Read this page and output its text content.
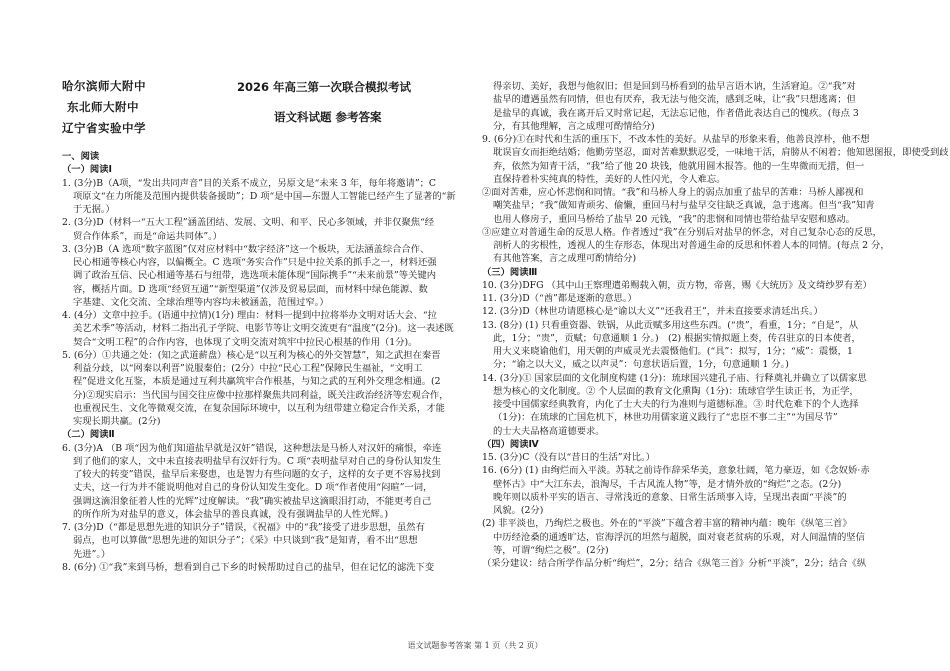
哈尔滨师大附中
东北师大附中
辽宁省实验中学
2026 年高三第一次联合模拟考试
语文科试题 参考答案
一、阅读
（一）阅读Ⅰ
1. (3分)B（A项，“发出共同声音”目的关系不成立，另原文是“未来 3 年，每年将邀请”；C
项原文“在力所能及范围内提供装备援助”；D 项“是中国—东盟人工智能已经产生了显著的“新
于无据。）
2. (3分)D（材料一“五大工程”涵盖团结、发展、文明、和平、民心多领域，并非仅聚焦“经
贸合作体系”，而是“命运共同体”。）
3. (3分)B（A 选项“数字蓝图”仅对应材料中“数字经济”这一个板块，无法涵盖综合合作、
民心相通等核心内容，以偏概全。C 选项“务实合作”只是中拉关系的抓手之一，材料还强
调了政治互信、民心相通等基石与纽带，选选项未能体现“国际携手”“未来前景”等关键内
容，概括片面。D 选项“经贸互通”“新型渠道”仅涉及贸易层面，而材料中绿色能源、数
字基建、文化交流、全球治理等内容均未被涵盖，范围过窄。）
4. (4分）文章中拉手。(语通中拉情)(1分) 理由：材料一提到中拉将举办文明对话大会、“拉
美艺术季”等活动，材料二指出孔子学院、电影节等让文明交流更有“温度”(2分)。这一表述既
契合“文明工程”的合作内容，也体现了文明交流对筑牢中拉民心根基的作用（1分)。
5. (6分）①共通之处：(知之武道薪盘）核心是“以互利为核心的外交智慧”，知之武担在秦晋
利益分歧，以“网秦以利晋”说服秦伯；(2分）中拉“民心工程”保障民生福祉，“文明工
程”促进文化互鉴，本质是通过互利共赢筑牢合作根基，与知之武的互利外交理念相通。(2
分)②现实启示：当代国与国交往应像中拉那样聚焦共同利益，既关注政治经济等宏观合作，
也重视民生、文化等微观交流，在复杂国际环境中，以互利为纽带建立稳定合作关系，才能
实现长期共赢。(2分)
（二）阅读Ⅱ
6. (3分)A （B 项“因为他们知道盐早就是汉奸”错误，这种想法是马桥人对汉奸的痛恨，牵连
到了他们的家人，文中未直接表明盐早有汉奸行为。C 项“表明盐早对自己的身份认知发生
了较大的转变”错误，盐早后来娶患，也是智力有些问题的女子，这样的女子更不容易找到
丈夫，这一行为并不能说明他对自己的身份认知发生变化。D 项“作者使用“闷暄”一词，
强调这滴泪象征着人性的光辉”过度解读。“我”确实被盐早这滴眼泪打动，不能更考自己
的所作所为对盐早的意义，体会盐早的善良真诚，没有强调盐早的人性光辉。)
7. (3分)D（“都是思想先进的知识分子”错误，《祝福》中的“我”接受了进步思想，虽然有
弱点，也可以算做“思想先进的知识分子”；《采》中只谈到“我”是知青，看不出“思想
先进”。）
8. (6分) ①“我”来到马桥，想看到自己下乡的时候帮助过自己的盐早，但在记忆的滤洗下变
得亲切、美好，我想与他叙旧；但是回到马桥看到的盐早言语木讷，生活窘迫。②“我”对
盐早的遭遇虽然有同情，但也有厌弃，我无法与他交流，感到乏味，让“我”只想逃离；但
是盐早的真诚，我在离开后又时常记起，无法忘记他，作者借此表达自己的愧疚。(每点 3
分，有其他理解，言之成理可酌情给分)
9. (6分)①在时代和生活的重压下，不改本性的美好。从盐早的形象来看，他善良淳朴，他不想
耽误盲女而拒绝结婚；他勤劳坚忍，面对苦难默默忍受，一味地干活，肩膀从不闲着；他知恩图报，即使受到歧
弃，依然为知青干活，“我”给了他 20 块钱，他就用圆木报答。他的一生卑微而无措，但一
直保持着朴实纯真的特性，美好的人性闪光，令人难忘。
②面对苦难，应心怀悲悯和同情。“我”和马桥人身上的弱点加重了盐早的苦难：马桥人鄙视和
嘲笑盐早；“我”做知青顽劣、偷懒，重回马村与盐早交往缺乏真诚，急于逃离。但当“我”知青
也用人修房子，重回马桥给了盐早 20 元钱，“我”的悲悯和同情也带给盐早安慰和感动。
③应建立对普通生命的反思人格。作者透过“我”在分别后对盐早的怀念，对自己复杂心态的反思，
剖析人的劣根性，透视人的生存形态，体现出对普通生命的反思和怀着人本的同情。(每点 2 分，
有其他答案，言之成理可酌情给分)
（三）阅读Ⅲ
10. (3分)DFG （其中山王察理遣弟赐载入朝，贡方物，帝喜，赐《大统历》及文绮纱罗有差）
11. (3分)D（“酋”都是逐渐的意思。）
12. (3分)D（林世功请愿核心是“谕以大义”“还我君王”，并未直接要求清廷出兵。）
13. (8分) (1) 只看重资器、铁锅，从此贡赋多用这些东西。(“贵”，看重，1分；“自是”，从
此，1分；“贵”，贡赋；句意通顺 1 分。)　(2) 根据实情拟题上奏，传召驻京的日本使者，
用大义来晓谕他们，用天朝的声威灵光去震慑他们。(“具”：拟写，1分；“威”：震慑，1
分；“谕之以大义，威之以声灵”：句意状语后置，1分，句意通顺 1 分。)
14. (3分)① 国家层面的文化制度构建 (1分)：琉球国兴建孔子庙、行释奠礼并确立了以儒家思
想为核心的文化制度。② 个人层面的教育文化熏陶（1分)：琉球官学生读正书，为正学，
接受中国儒家经典教育，内化了士大夫的行为准则与道德标准。③ 时代危难下的个人选择
（1分)：在琉球的亡国危机下，林世功用儒家道义践行了“忠臣不事二主”“为国尽节”
的士大夫品格高道德要求。
（四）阅读Ⅳ
15. (3分)C（没有以“昔日的生活”对比。）
16. (6分) (1) 由绚烂而入平淡。苏轼之前诗作辞采华美，意象壮阔，笔力豪迈，如《念奴娇·赤
壁怀古》中“大江东去，浪淘尽，千古风流人物”等，是才情外放的“绚烂”之态。(2分)
晚年则以质朴平实的语言、寻常浅近的意象、日常生活琐事入诗，呈现出表面“平淡”的
风貌。(2分)
(2) 非平淡也，乃绚烂之极也。外在的“平淡”下蕴含着丰富的精神内蕴：晚年《纵笔三首》
中历经沧桑的通透旷达，宦海浮沉的坦然与超脱，面对衰老贫病的乐观，对人间温情的坚信
等，可谓“绚烂之极”。(2分)
（采分建议：结合所学作品分析“绚烂”，2分；结合《纵笔三首》分析“平淡”，2分；结合《纵
语文试题参考答案 第 1 页（共 2 页）
